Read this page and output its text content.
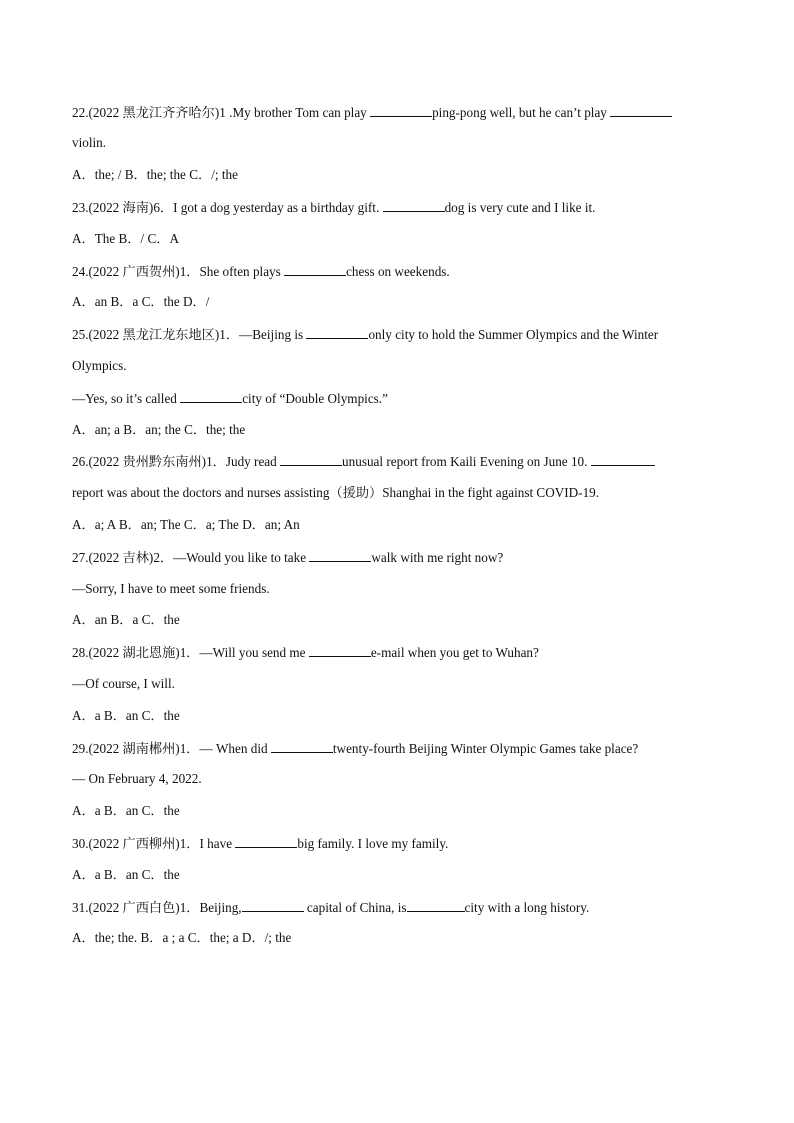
22.(2022 黑龙江齐齐哈尔)1 .My brother Tom can play	ping-pong well, but he can’t play
violin.
A．the; / B．the; the C．/; the
23.(2022 海南)6．I got a dog yesterday as a birthday gift.	dog is very cute and I like it.
A．The B．/ C．A
24.(2022 广西贺州)1．She often plays	chess on weekends.
A．an B．a C．the D．/
25.(2022 黑龙江龙东地区)1．—Beijing is	only city to hold the Summer Olympics and the Winter
Olympics.
—Yes, so it’s called	city of “Double Olympics.”
A．an; a B．an; the C．the; the
26.(2022 贵州黔东南州)1．Judy read	unusual report from Kaili Evening on June 10.
report was about the doctors and nurses assisting（援助）Shanghai in the fight against COVID-19.
A．a; A B．an; The C．a; The D．an; An
27.(2022 吉林)2．—Would you like to take	walk with me right now?
—Sorry, I have to meet some friends.
A．an B．a C．the
28.(2022 湖北恩施)1．—Will you send me	e-mail when you get to Wuhan?
—Of course, I will.
A．a B．an C．the
29.(2022 湖南郴州)1．— When did	twenty-fourth Beijing Winter Olympic Games take place?
— On February 4, 2022.
A．a B．an C．the
30.(2022 广西柳州)1．I have	big family. I love my family.
A．a B．an C．the
31.(2022 广西白色)1．Beijing,	capital of China, is	city with a long history.
A．the; the. B．a ; a C．the; a D．/; the
